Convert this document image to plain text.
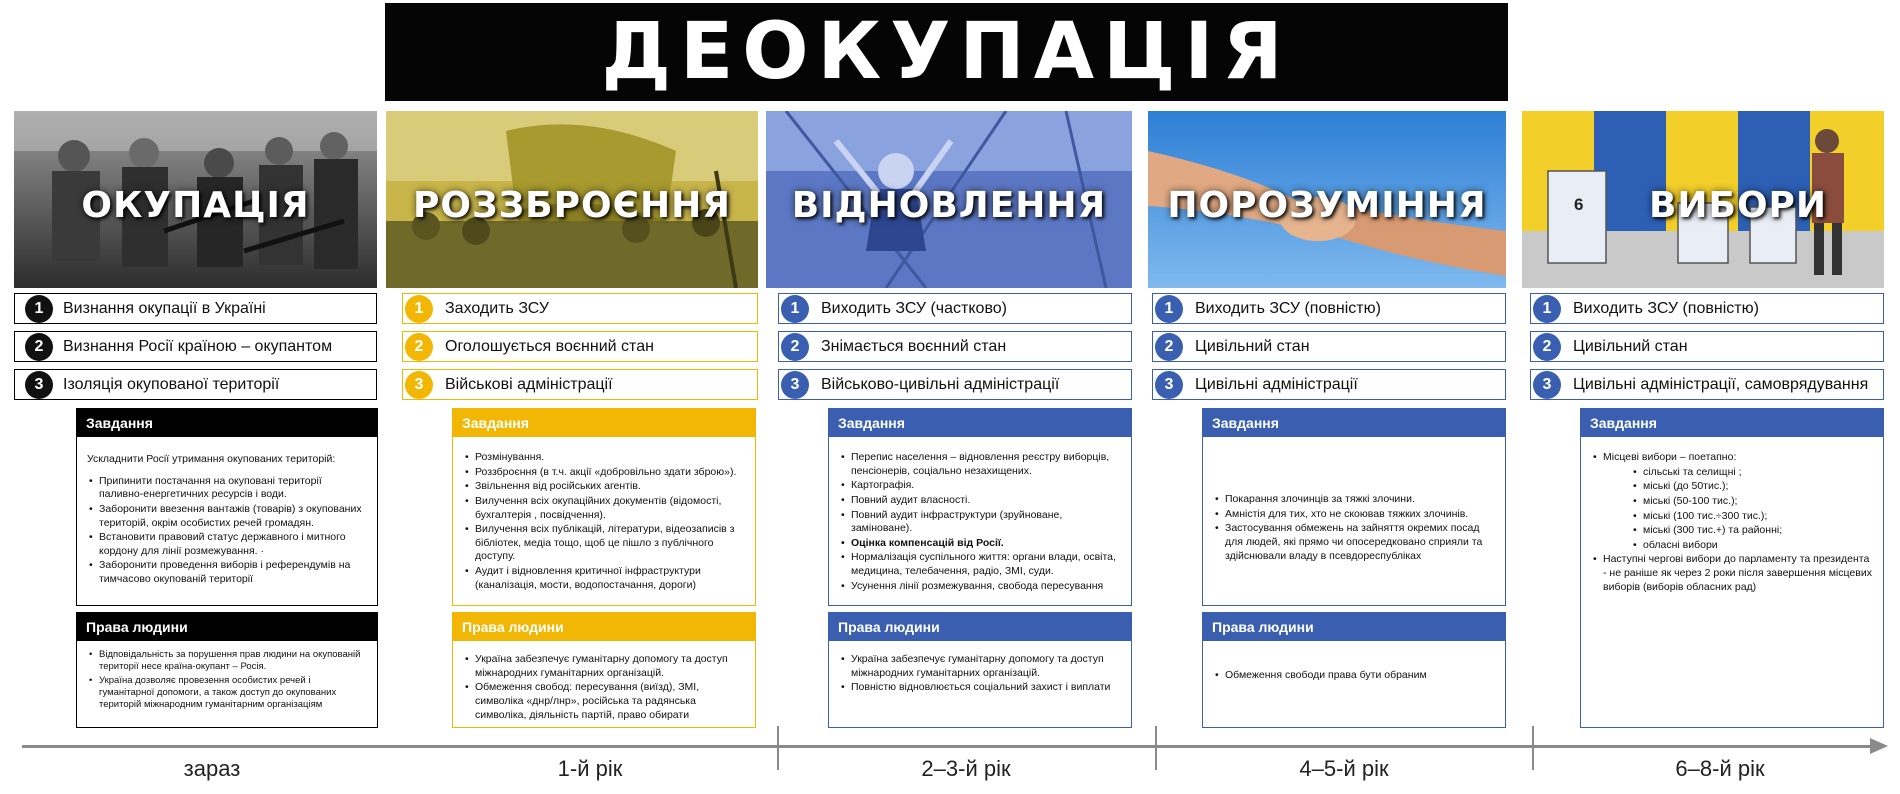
ДЕОКУПАЦІЯ
ОКУПАЦІЯ
1	Визнання окупації в Україні
2	Визнання Росії країною – окупантом
3	Ізоляція окупованої території
Завдання
Ускладнити Росії утримання окупованих територій:
• Припинити постачання на окуповані території паливно-енергетичних ресурсів і води.
• Заборонити ввезення вантажів (товарів) з окупованих територій, окрім особистих речей громадян.
• Встановити правовий статус державного і митного кордону для лінії розмежування. ·
• Заборонити проведення виборів і референдумів на тимчасово окупованій території
Права людини
• Відповідальність за порушення прав людини на окупованій території несе країна-окупант – Росія.
• Україна дозволяє провезення особистих речей і гуманітарної допомоги, а також доступ до окупованих територій міжнародним гуманітарним організаціям
РОЗЗБРОЄННЯ
1	Заходить ЗСУ
2	Оголошується воєнний стан
3	Військові адміністрації
Завдання
• Розмінування.
• Роззброєння (в т.ч. акції «добровільно здати зброю»).
• Звільнення від російських агентів.
• Вилучення всіх окупаційних документів (відомості, бухгалтерія , посвідчення).
• Вилучення всіх публікацій, літератури, відеозаписів з бібліотек, медіа тощо, щоб це пішло з публічного доступу.
• Аудит і відновлення критичної інфраструктури (каналізація, мости, водопостачання, дороги)
Права людини
• Україна забезпечує гуманітарну допомогу та доступ міжнародних гуманітарних організацій.
• Обмеження свобод: пересування (виїзд), ЗМІ, символіка «днр/лнр», російська та радянська символіка, діяльність партій, право обирати
ВІДНОВЛЕННЯ
1	Виходить ЗСУ (частково)
2	Знімається воєнний стан
3	Військово-цивільні адміністрації
Завдання
• Перепис населення – відновлення реєстру виборців, пенсіонерів, соціально незахищених.
• Картографія.
• Повний аудит власності.
• Повний аудит інфраструктури (зруйноване, заміноване).
• Оцінка компенсацій від Росії.
• Нормалізація суспільного життя: органи влади, освіта, медицина, телебачення, радіо, ЗМІ, суди.
• Усунення лінії розмежування, свобода пересування
Права людини
• Україна забезпечує гуманітарну допомогу та доступ міжнародних гуманітарних організацій.
• Повністю відновлюється соціальний захист і виплати
ПОРОЗУМІННЯ
1	Виходить ЗСУ (повністю)
2	Цивільний стан
3	Цивільні адміністрації
Завдання
• Покарання злочинців за тяжкі злочини.
• Амністія для тих, хто не скоював тяжких злочинів.
• Застосування обмежень на зайняття окремих посад для людей, які прямо чи опосередковано сприяли та здійснювали владу в псевдореспубліках
Права людини
• Обмеження свободи права бути обраним
6	ВИБОРИ
1	Виходить ЗСУ (повністю)
2	Цивільний стан
3	Цивільні адміністрації, самоврядування
Завдання
• Місцеві вибори – поетапно:
• сільські та селищні ;
• міські (до 50тис.);
• міські (50-100 тис.);
• міські (100 тис.÷300 тис.);
• міські (300 тис.+) та районні;
• обласні вибори
• Наступні чергові вибори до парламенту та президента - не раніше як через 2 роки після завершення місцевих виборів (виборів обласних рад)
зараз	1-й рік	2–3-й рік	4–5-й рік	6–8-й рік
